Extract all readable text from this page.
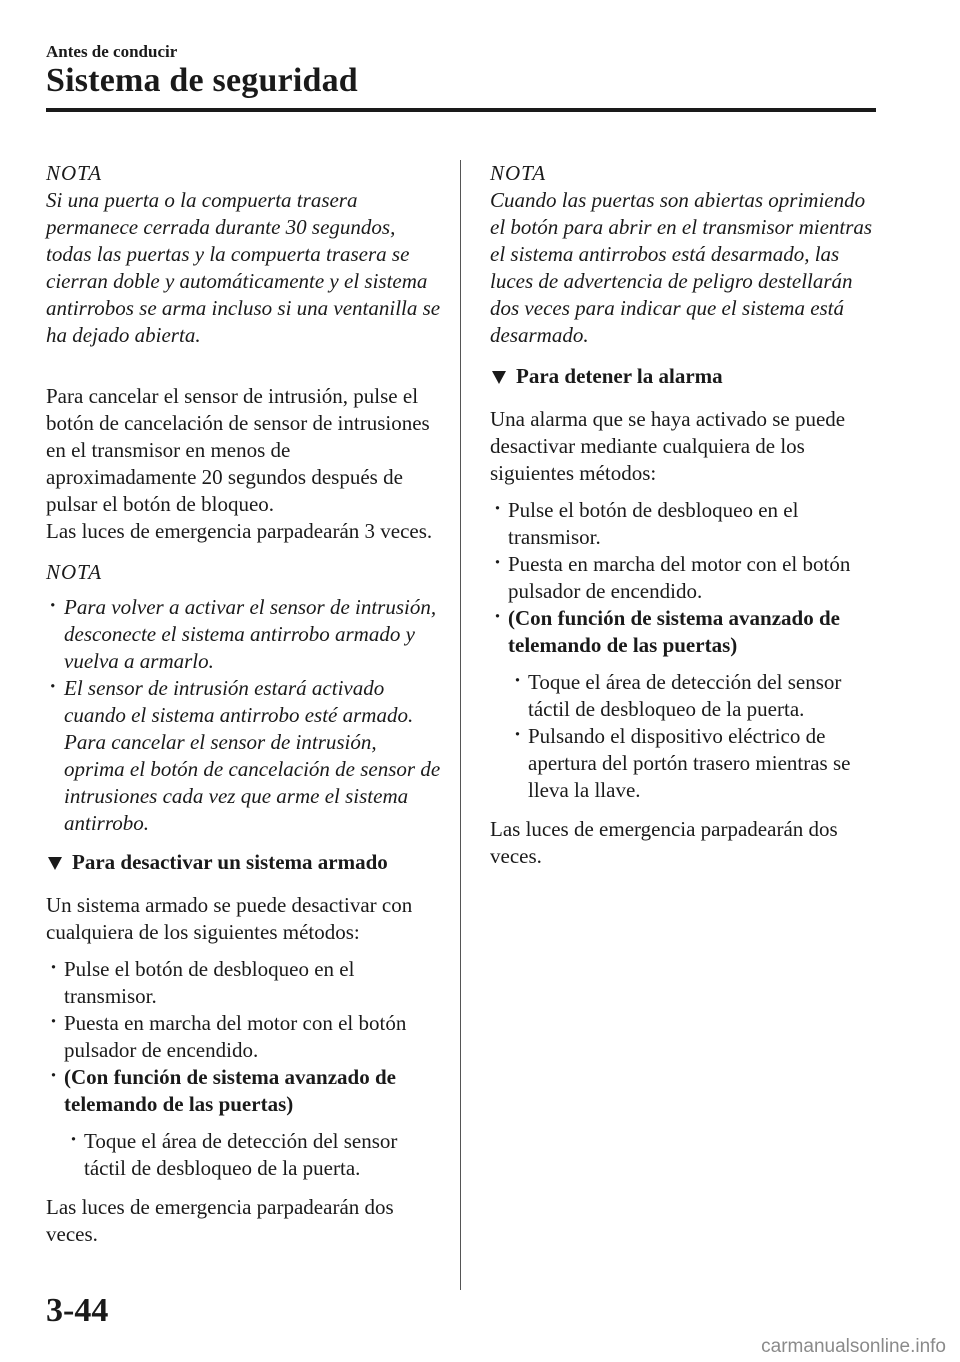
Antes de conducir
Sistema de seguridad
NOTA

Si una puerta o la compuerta trasera permanece cerrada durante 30 segundos, todas las puertas y la compuerta trasera se cierran doble y automáticamente y el sistema antirrobos se arma incluso si una ventanilla se ha dejado abierta.

Para cancelar el sensor de intrusión, pulse el botón de cancelación de sensor de intrusiones en el transmisor en menos de aproximadamente 20 segundos después de pulsar el botón de bloqueo.

Las luces de emergencia parpadearán 3 veces.

NOTA
· Para volver a activar el sensor de intrusión, desconecte el sistema antirrobo armado y vuelva a armarlo.
· El sensor de intrusión estará activado cuando el sistema antirrobo esté armado. Para cancelar el sensor de intrusión, oprima el botón de cancelación de sensor de intrusiones cada vez que arme el sistema antirrobo.
Para desactivar un sistema armado

Un sistema armado se puede desactivar con cualquiera de los siguientes métodos:

· Pulse el botón de desbloqueo en el transmisor.
· Puesta en marcha del motor con el botón pulsador de encendido.
· (Con función de sistema avanzado de telemando de las puertas)
· Toque el área de detección del sensor táctil de desbloqueo de la puerta.

Las luces de emergencia parpadearán dos veces.

NOTA

Cuando las puertas son abiertas oprimiendo el botón para abrir en el transmisor mientras el sistema antirrobos está desarmado, las luces de advertencia de peligro destellarán dos veces para indicar que el sistema está desarmado.

Para detener la alarma

Una alarma que se haya activado se puede desactivar mediante cualquiera de los siguientes métodos:

· Pulse el botón de desbloqueo en el transmisor.
· Puesta en marcha del motor con el botón pulsador de encendido.
· (Con función de sistema avanzado de telemando de las puertas)
· Toque el área de detección del sensor táctil de desbloqueo de la puerta.
· Pulsando el dispositivo eléctrico de apertura del portón trasero mientras se lleva la llave.

Las luces de emergencia parpadearán dos veces.

3-44
carmanualsonline.info
